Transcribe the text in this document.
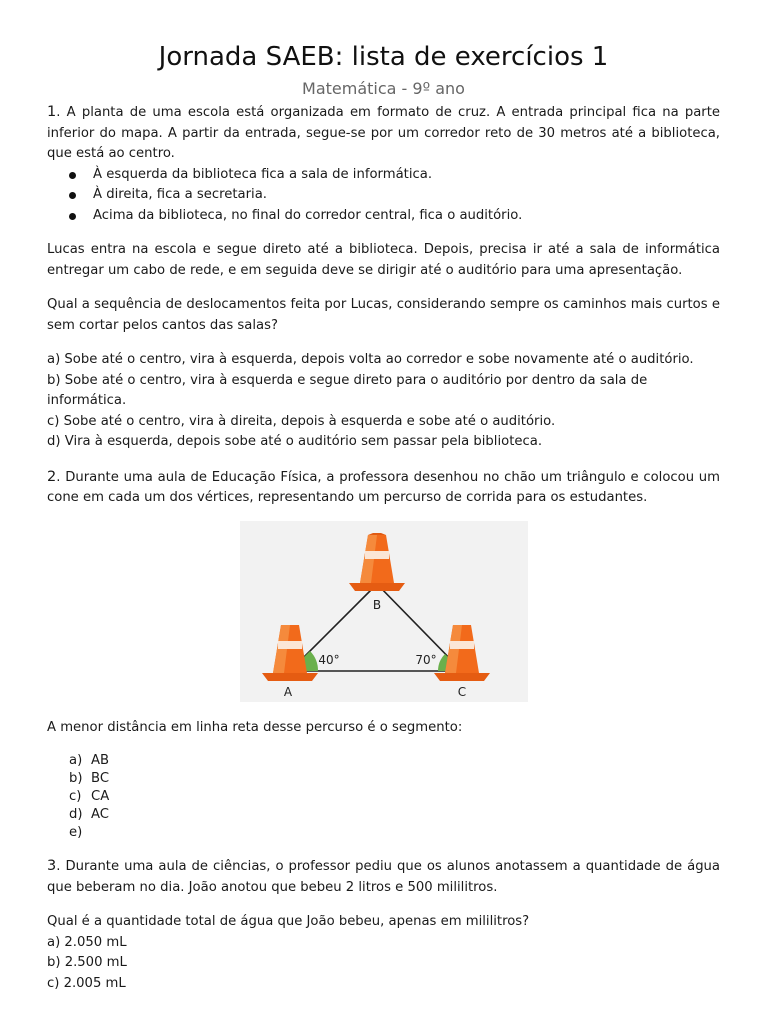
Jornada SAEB: lista de exercícios 1
Matemática - 9º ano

1. A planta de uma escola está organizada em formato de cruz. A entrada principal fica na parte inferior do mapa. A partir da entrada, segue-se por um corredor reto de 30 metros até a biblioteca, que está ao centro.

À esquerda da biblioteca fica a sala de informática.
À direita, fica a secretaria.
Acima da biblioteca, no final do corredor central, fica o auditório.

Lucas entra na escola e segue direto até a biblioteca. Depois, precisa ir até a sala de informática entregar um cabo de rede, e em seguida deve se dirigir até o auditório para uma apresentação.

Qual a sequência de deslocamentos feita por Lucas, considerando sempre os caminhos mais curtos e sem cortar pelos cantos das salas?

a) Sobe até o centro, vira à esquerda, depois volta ao corredor e sobe novamente até o auditório.

b) Sobe até o centro, vira à esquerda e segue direto para o auditório por dentro da sala de informática.

c) Sobe até o centro, vira à direita, depois à esquerda e sobe até o auditório.

d) Vira à esquerda, depois sobe até o auditório sem passar pela biblioteca.

2. Durante uma aula de Educação Física, a professora desenhou no chão um triângulo e colocou um cone em cada um dos vértices, representando um percurso de corrida para os estudantes.

B
A	C
40°	70°

A menor distância em linha reta desse percurso é o segmento:

a) AB
b) BC
c) CA
d) AC
e)

3. Durante uma aula de ciências, o professor pediu que os alunos anotassem a quantidade de água que beberam no dia. João anotou que bebeu 2 litros e 500 mililitros.

Qual é a quantidade total de água que João bebeu, apenas em mililitros?

a) 2.050 mL

b) 2.500 mL

c) 2.005 mL
